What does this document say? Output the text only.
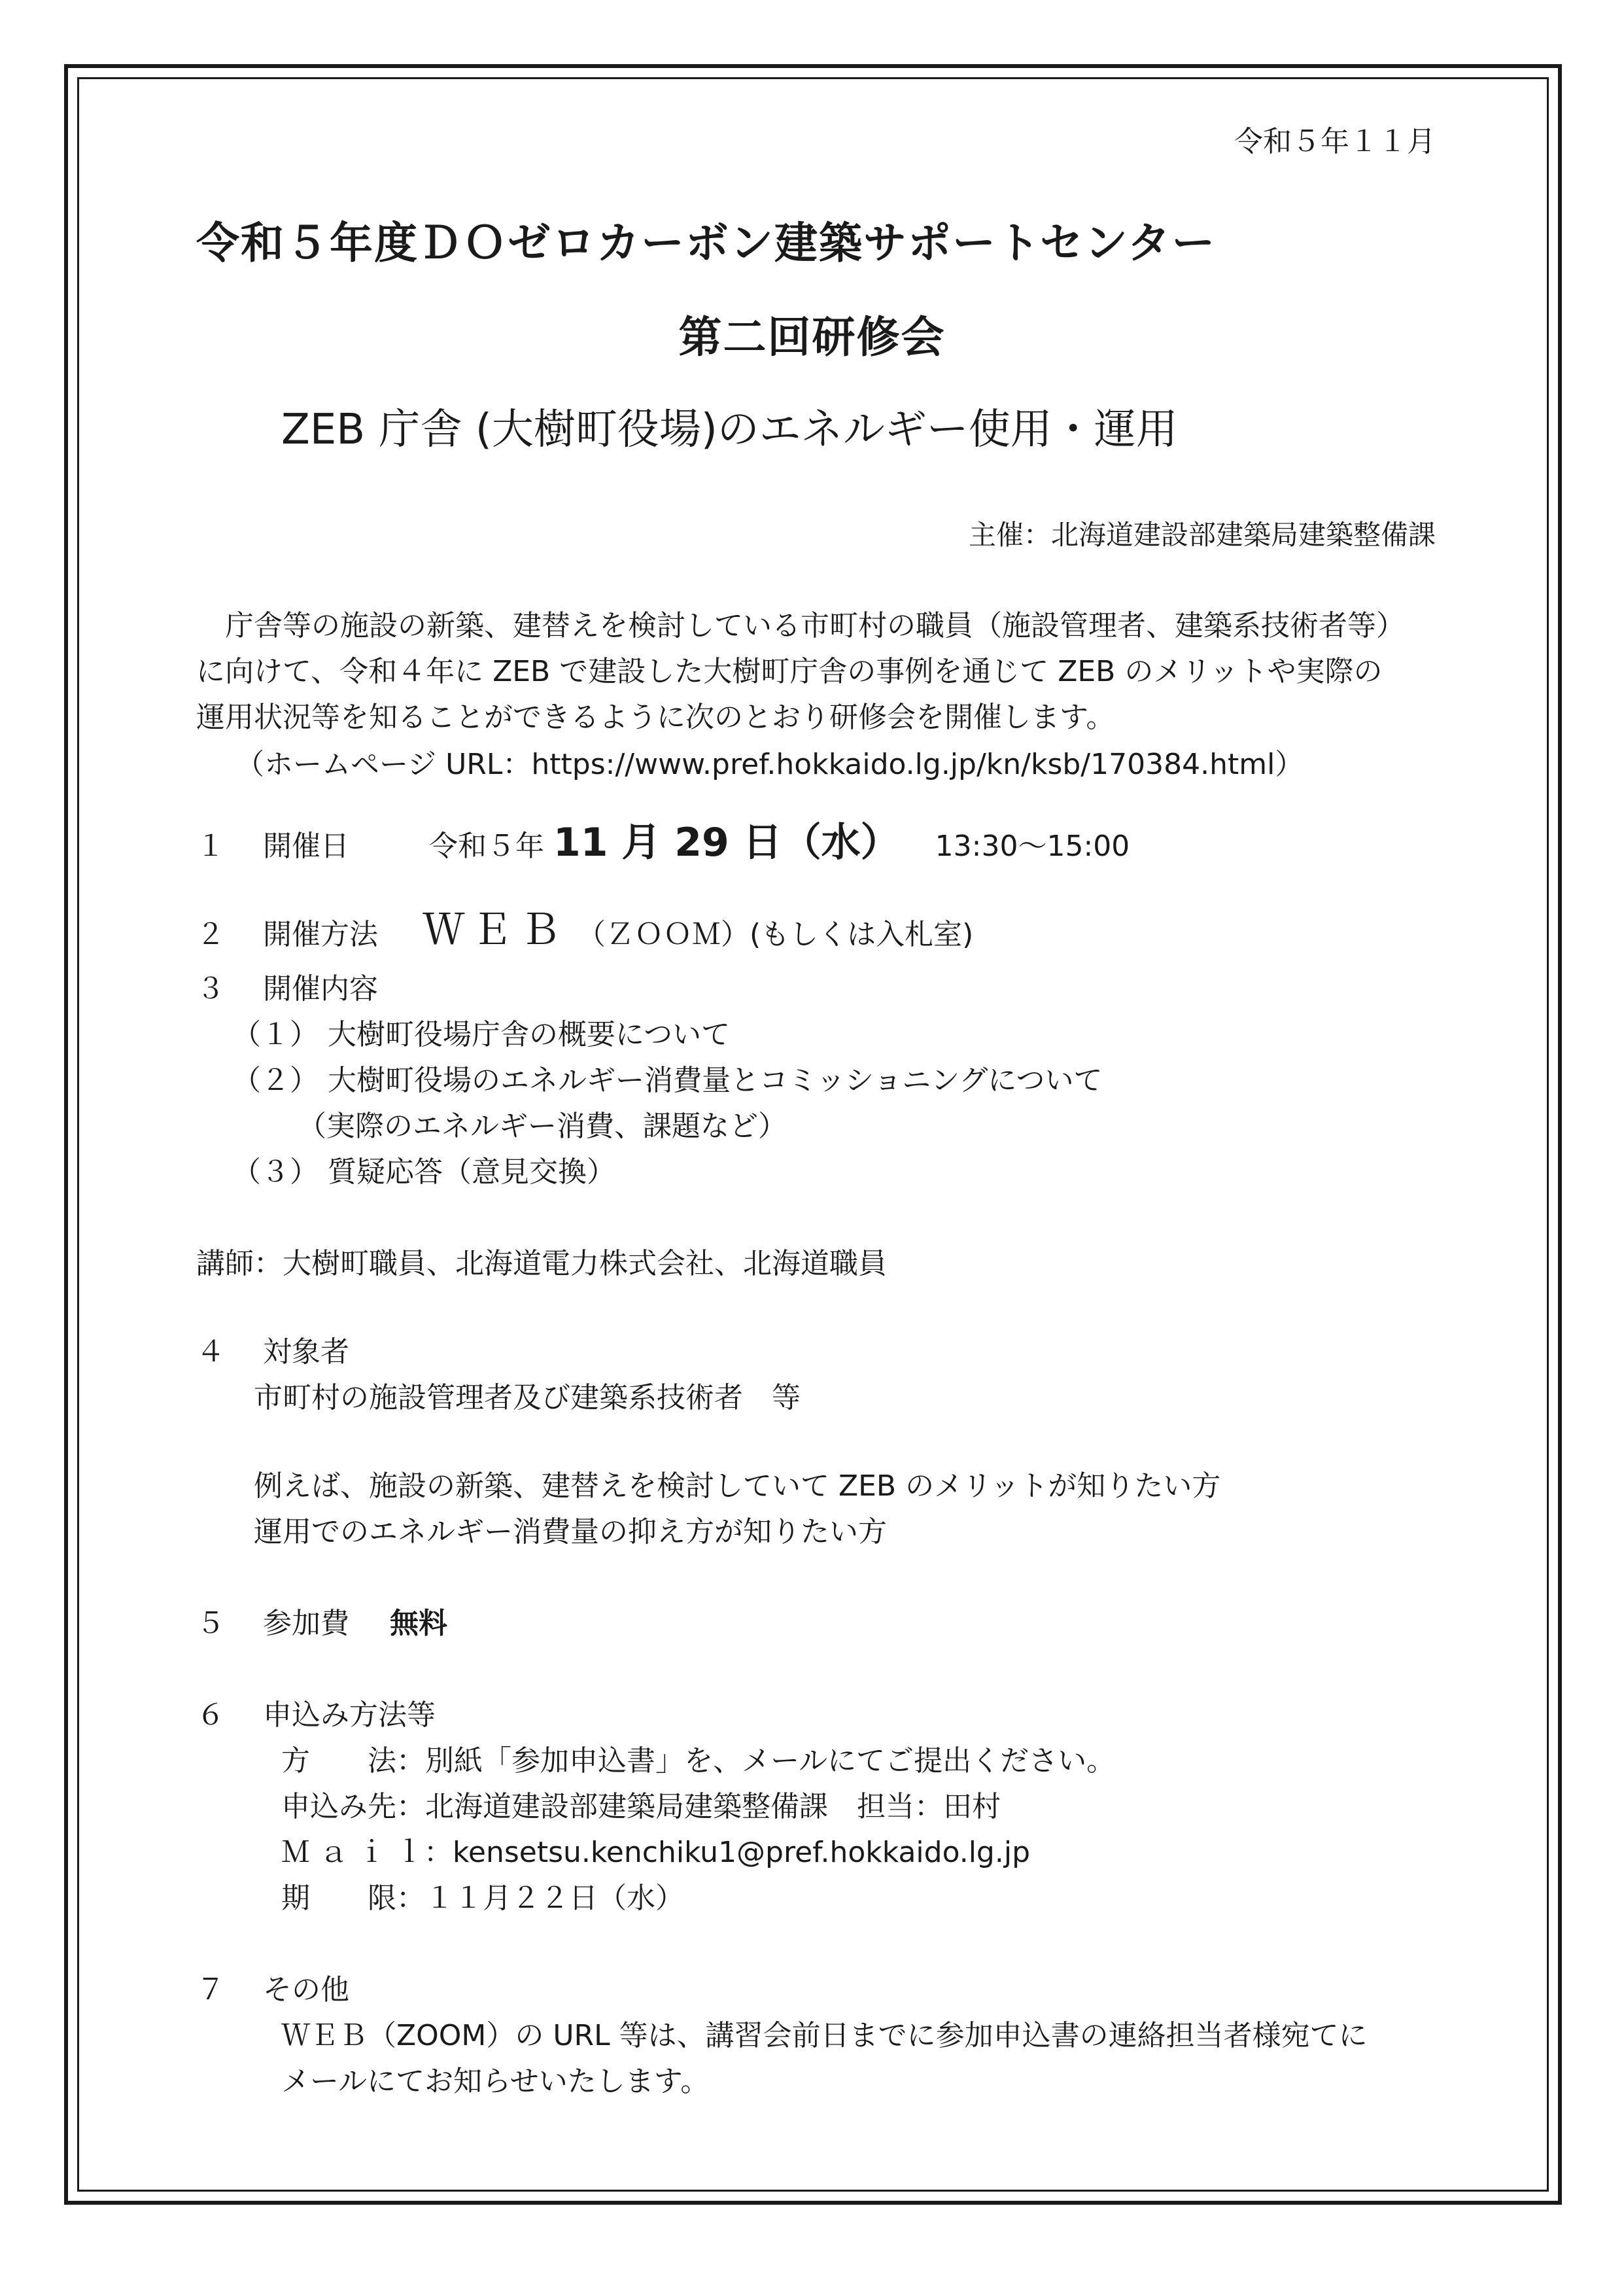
令和５年１１月
令和５年度ＤＯゼロカーボン建築サポートセンター
第二回研修会
ZEB 庁舎 (大樹町役場)のエネルギー使用・運用
主催：北海道建設部建築局建築整備課
　庁舎等の施設の新築、建替えを検討している市町村の職員（施設管理者、建築系技術者等）
に向けて、令和４年に ZEB で建設した大樹町庁舎の事例を通じて ZEB のメリットや実際の
運用状況等を知ることができるように次のとおり研修会を開催します。
（ホームページ URL：https://www.pref.hokkaido.lg.jp/kn/ksb/170384.html）
１ 開催日	令和５年 11 月 29 日（水） 13:30～15:00
２ 開催方法 ＷＥＢ （ＺＯＯＭ）(もしくは入札室)
３ 開催内容
（１） 大樹町役場庁舎の概要について
（２） 大樹町役場のエネルギー消費量とコミッショニングについて
（実際のエネルギー消費、課題など）
（３） 質疑応答（意見交換）
講師：大樹町職員、北海道電力株式会社、北海道職員
４ 対象者
市町村の施設管理者及び建築系技術者　等
例えば、施設の新築、建替えを検討していて ZEB のメリットが知りたい方
運用でのエネルギー消費量の抑え方が知りたい方
５ 参加費 無料
６ 申込み方法等
方　　法：別紙「参加申込書」を、メールにてご提出ください。
申込み先：北海道建設部建築局建築整備課　担当：田村
Ｍ ａ ｉ ｌ：kensetsu.kenchiku1@pref.hokkaido.lg.jp
期　　限：１１月２２日（水）
７ その他
ＷＥＢ（ZOOM）の URL 等は、講習会前日までに参加申込書の連絡担当者様宛てに
メールにてお知らせいたします。
